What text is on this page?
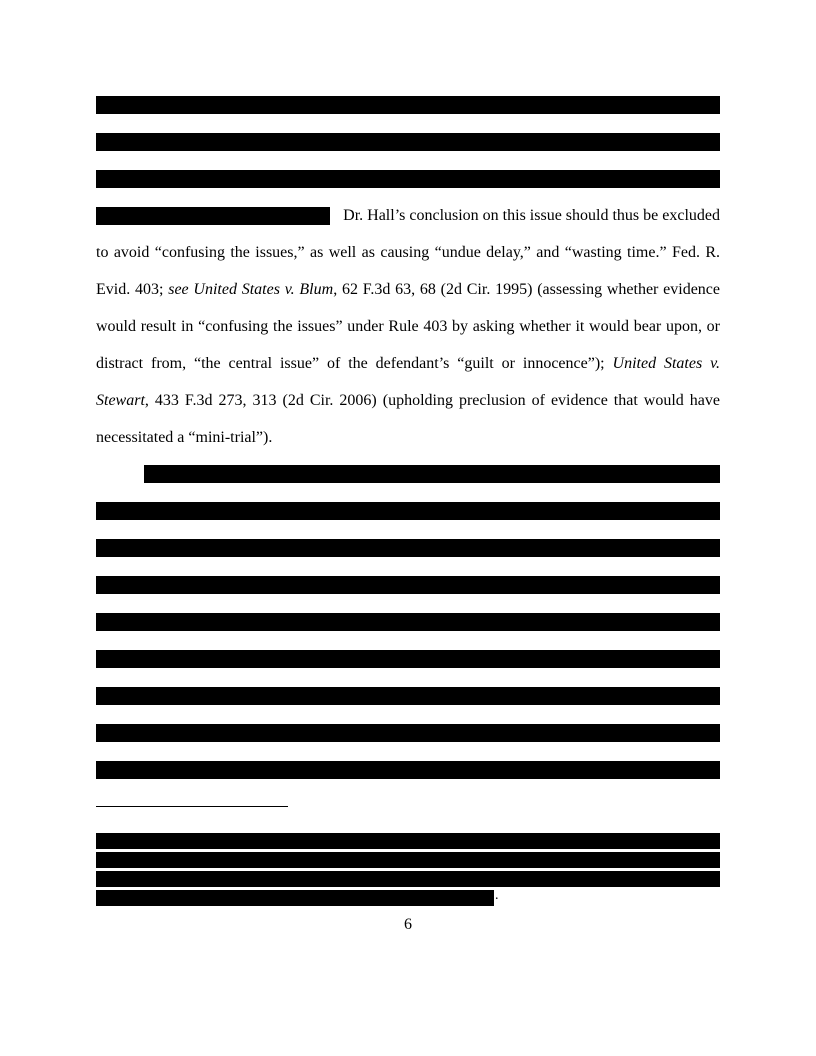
Dr. Hall’s conclusion on this issue should thus be excluded
to avoid “confusing the issues,” as well as causing “undue delay,” and “wasting time.” Fed. R.
Evid. 403; see United States v. Blum, 62 F.3d 63, 68 (2d Cir. 1995) (assessing whether evidence
would result in “confusing the issues” under Rule 403 by asking whether it would bear upon, or
distract from, “the central issue” of the defendant’s “guilt or innocence”); United States v.
Stewart, 433 F.3d 273, 313 (2d Cir. 2006) (upholding preclusion of evidence that would have
necessitated a “mini-trial”).
.
6
